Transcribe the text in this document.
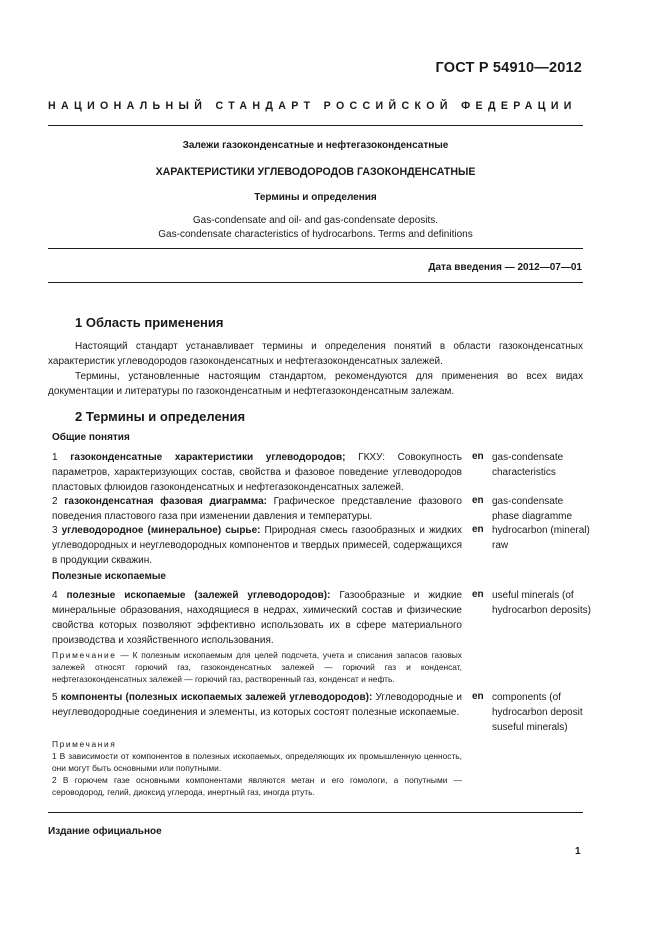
ГОСТ Р 54910—2012
НАЦИОНАЛЬНЫЙ СТАНДАРТ РОССИЙСКОЙ ФЕДЕРАЦИИ
Залежи газоконденсатные и нефтегазоконденсатные
ХАРАКТЕРИСТИКИ УГЛЕВОДОРОДОВ ГАЗОКОНДЕНСАТНЫЕ
Термины и определения
Gas-condensate and oil- and gas-condensate deposits.
Gas-condensate characteristics of hydrocarbons. Terms and definitions
Дата введения — 2012—07—01
1 Область применения

Настоящий стандарт устанавливает термины и определения понятий в области газоконденсатных характеристик углеводородов газоконденсатных и нефтегазоконденсатных залежей.

Термины, установленные настоящим стандартом, рекомендуются для применения во всех видах документации и литературы по газоконденсатным и нефтегазоконденсатным залежам.

2 Термины и определения
Общие понятия
1 газоконденсатные характеристики углеводородов; ГКХУ: Совокупность параметров, характеризующих состав, свойства и фазовое поведение углеводородов пластовых флюидов газоконденсатных и нефтегазоконденсатных залежей.
en gas-condensate characteristics
2 газоконденсатная фазовая диаграмма: Графическое представление фазового поведения пластового газа при изменении давления и температуры.
en gas-condensate phase diagramme
3 углеводородное (минеральное) сырье: Природная смесь газообразных и жидких углеводородных и неуглеводородных компонентов и твердых примесей, содержащихся в продукции скважин.
en hydrocarbon (mineral) raw
Полезные ископаемые
4 полезные ископаемые (залежей углеводородов): Газообразные и жидкие минеральные образования, находящиеся в недрах, химический состав и физические свойства которых позволяют эффективно использовать их в сфере материального производства и хозяйственного использования.
en useful minerals (of hydrocarbon deposits)
Примечание — К полезным ископаемым для целей подсчета, учета и списания запасов газовых залежей относят горючий газ, газоконденсатных залежей — горючий газ и конденсат, нефтегазоконденсатных залежей — горючий газ, растворенный газ, конденсат и нефть.
5 компоненты (полезных ископаемых залежей углеводородов): Углеводородные и неуглеводородные соединения и элементы, из которых состоят полезные ископаемые.
en components (of hydrocarbon deposit suseful minerals)
Примечания
1 В зависимости от компонентов в полезных ископаемых, определяющих их промышленную ценность, они могут быть основными или попутными.
2 В горючем газе основными компонентами являются метан и его гомологи, а попутными — сероводород, гелий, диоксид углерода, инертный газ, иногда ртуть.
Издание официальное
1
